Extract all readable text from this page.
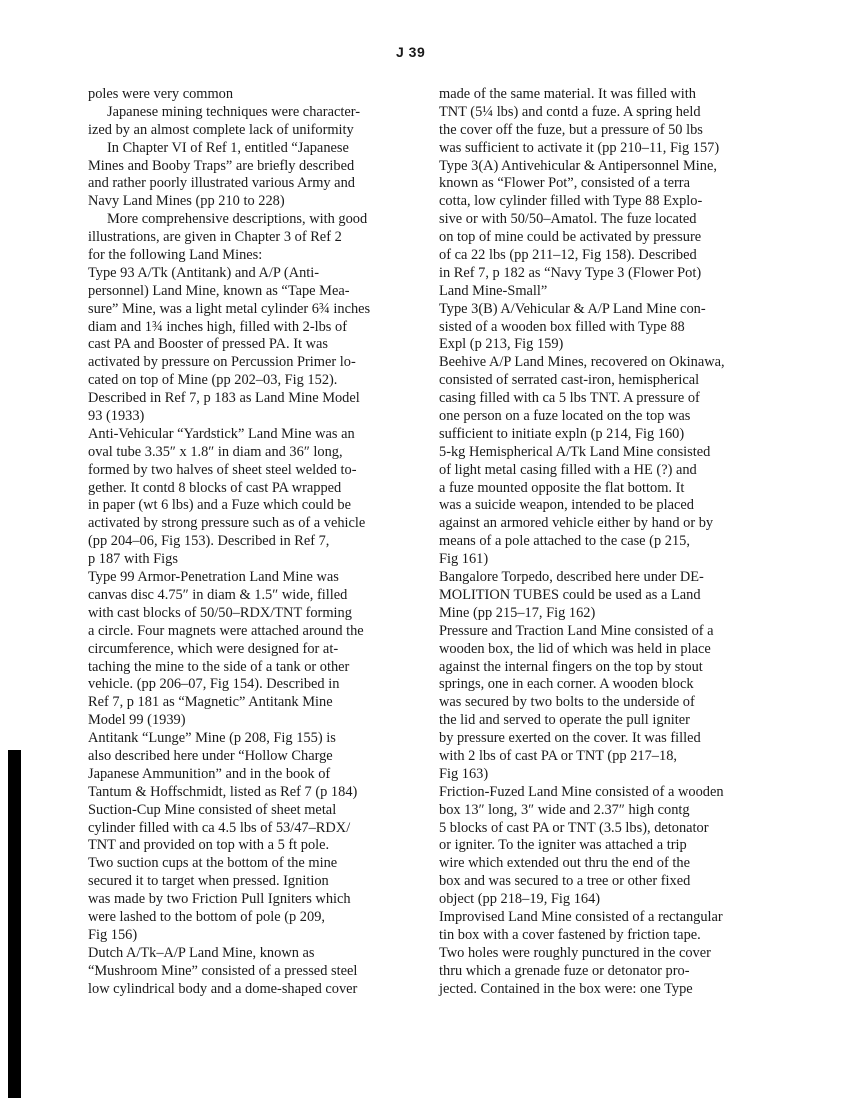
J 39
poles were very common
Japanese mining techniques were character-
ized by an almost complete lack of uniformity
In Chapter VI of Ref 1, entitled “Japanese
Mines and Booby Traps” are briefly described
and rather poorly illustrated various Army and
Navy Land Mines (pp 210 to 228)
More comprehensive descriptions, with good
illustrations, are given in Chapter 3 of Ref 2
for the following Land Mines:
Type 93 A/Tk (Antitank) and A/P (Anti-
personnel) Land Mine, known as “Tape Mea-
sure” Mine, was a light metal cylinder 6¾ inches
diam and 1¾ inches high, filled with 2-lbs of
cast PA and Booster of pressed PA. It was
activated by pressure on Percussion Primer lo-
cated on top of Mine (pp 202–03, Fig 152).
Described in Ref 7, p 183 as Land Mine Model
93 (1933)
Anti-Vehicular “Yardstick” Land Mine was an
oval tube 3.35″ x 1.8″ in diam and 36″ long,
formed by two halves of sheet steel welded to-
gether. It contd 8 blocks of cast PA wrapped
in paper (wt 6 lbs) and a Fuze which could be
activated by strong pressure such as of a vehicle
(pp 204–06, Fig 153). Described in Ref 7,
p 187 with Figs
Type 99 Armor-Penetration Land Mine was
canvas disc 4.75″ in diam & 1.5″ wide, filled
with cast blocks of 50/50–RDX/TNT forming
a circle. Four magnets were attached around the
circumference, which were designed for at-
taching the mine to the side of a tank or other
vehicle. (pp 206–07, Fig 154). Described in
Ref 7, p 181 as “Magnetic” Antitank Mine
Model 99 (1939)
Antitank “Lunge” Mine (p 208, Fig 155) is
also described here under “Hollow Charge
Japanese Ammunition” and in the book of
Tantum & Hoffschmidt, listed as Ref 7 (p 184)
Suction-Cup Mine consisted of sheet metal
cylinder filled with ca 4.5 lbs of 53/47–RDX/
TNT and provided on top with a 5 ft pole.
Two suction cups at the bottom of the mine
secured it to target when pressed. Ignition
was made by two Friction Pull Igniters which
were lashed to the bottom of pole (p 209,
Fig 156)
Dutch A/Tk–A/P Land Mine, known as
“Mushroom Mine” consisted of a pressed steel
low cylindrical body and a dome-shaped cover
made of the same material. It was filled with
TNT (5¼ lbs) and contd a fuze. A spring held
the cover off the fuze, but a pressure of 50 lbs
was sufficient to activate it (pp 210–11, Fig 157)
Type 3(A) Antivehicular & Antipersonnel Mine,
known as “Flower Pot”, consisted of a terra
cotta, low cylinder filled with Type 88 Explo-
sive or with 50/50–Amatol. The fuze located
on top of mine could be activated by pressure
of ca 22 lbs (pp 211–12, Fig 158). Described
in Ref 7, p 182 as “Navy Type 3 (Flower Pot)
Land Mine-Small”
Type 3(B) A/Vehicular & A/P Land Mine con-
sisted of a wooden box filled with Type 88
Expl (p 213, Fig 159)
Beehive A/P Land Mines, recovered on Okinawa,
consisted of serrated cast-iron, hemispherical
casing filled with ca 5 lbs TNT. A pressure of
one person on a fuze located on the top was
sufficient to initiate expln (p 214, Fig 160)
5-kg Hemispherical A/Tk Land Mine consisted
of light metal casing filled with a HE (?) and
a fuze mounted opposite the flat bottom. It
was a suicide weapon, intended to be placed
against an armored vehicle either by hand or by
means of a pole attached to the case (p 215,
Fig 161)
Bangalore Torpedo, described here under DE-
MOLITION TUBES could be used as a Land
Mine (pp 215–17, Fig 162)
Pressure and Traction Land Mine consisted of a
wooden box, the lid of which was held in place
against the internal fingers on the top by stout
springs, one in each corner. A wooden block
was secured by two bolts to the underside of
the lid and served to operate the pull igniter
by pressure exerted on the cover. It was filled
with 2 lbs of cast PA or TNT (pp 217–18,
Fig 163)
Friction-Fuzed Land Mine consisted of a wooden
box 13″ long, 3″ wide and 2.37″ high contg
5 blocks of cast PA or TNT (3.5 lbs), detonator
or igniter. To the igniter was attached a trip
wire which extended out thru the end of the
box and was secured to a tree or other fixed
object (pp 218–19, Fig 164)
Improvised Land Mine consisted of a rectangular
tin box with a cover fastened by friction tape.
Two holes were roughly punctured in the cover
thru which a grenade fuze or detonator pro-
jected. Contained in the box were: one Type
